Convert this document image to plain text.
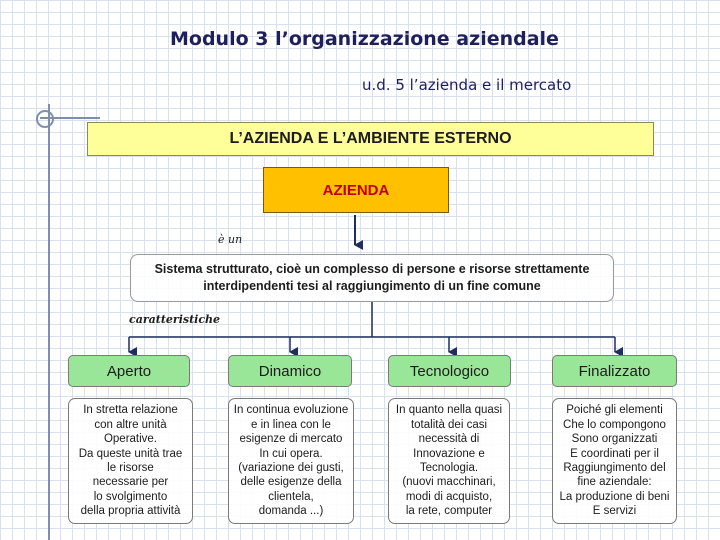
Modulo 3 l’organizzazione aziendale
u.d. 5 l’azienda e il mercato
L’AZIENDA E L’AMBIENTE ESTERNO
AZIENDA
è un
Sistema strutturato, cioè un complesso di persone e risorse strettamente interdipendenti tesi al raggiungimento di un fine comune
caratteristiche
Aperto	Dinamico	Tecnologico	Finalizzato
In stretta relazione
con altre unità
Operative.
Da queste unità trae
le risorse
necessarie per
lo svolgimento
della propria attività
In continua evoluzione
e in linea con le
esigenze di mercato
In cui opera.
(variazione dei gusti,
delle esigenze della
clientela,
domanda ...)
In quanto nella quasi
totalità dei casi
necessità di
Innovazione e
Tecnologia.
(nuovi macchinari,
modi di acquisto,
la rete, computer
Poiché gli elementi
Che lo compongono
Sono organizzati
E coordinati per il
Raggiungimento del
fine aziendale:
La produzione di beni
E servizi
